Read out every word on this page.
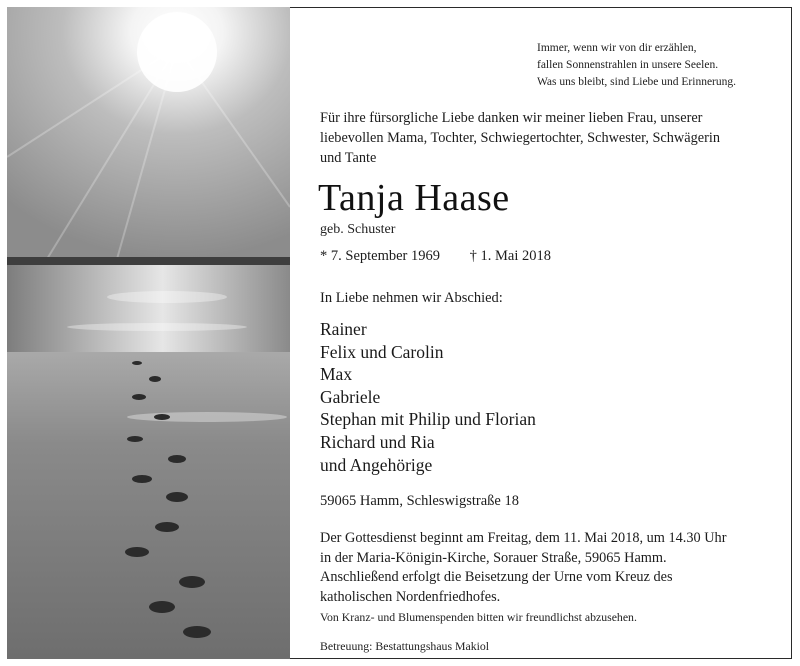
Immer, wenn wir von dir erzählen,
fallen Sonnenstrahlen in unsere Seelen.
Was uns bleibt, sind Liebe und Erinnerung.
Für ihre fürsorgliche Liebe danken wir meiner lieben Frau, unserer
liebevollen Mama, Tochter, Schwiegertochter, Schwester, Schwägerin
und Tante
Tanja Haase
geb. Schuster
* 7. September 1969 † 1. Mai 2018
In Liebe nehmen wir Abschied:
Rainer
Felix und Carolin
Max
Gabriele
Stephan mit Philip und Florian
Richard und Ria
und Angehörige
59065 Hamm, Schleswigstraße 18
Der Gottesdienst beginnt am Freitag, dem 11. Mai 2018, um 14.30 Uhr
in der Maria-Königin-Kirche, Sorauer Straße, 59065 Hamm.
Anschließend erfolgt die Beisetzung der Urne vom Kreuz des
katholischen Nordenfriedhofes.
Von Kranz- und Blumenspenden bitten wir freundlichst abzusehen.
Betreuung: Bestattungshaus Makiol
